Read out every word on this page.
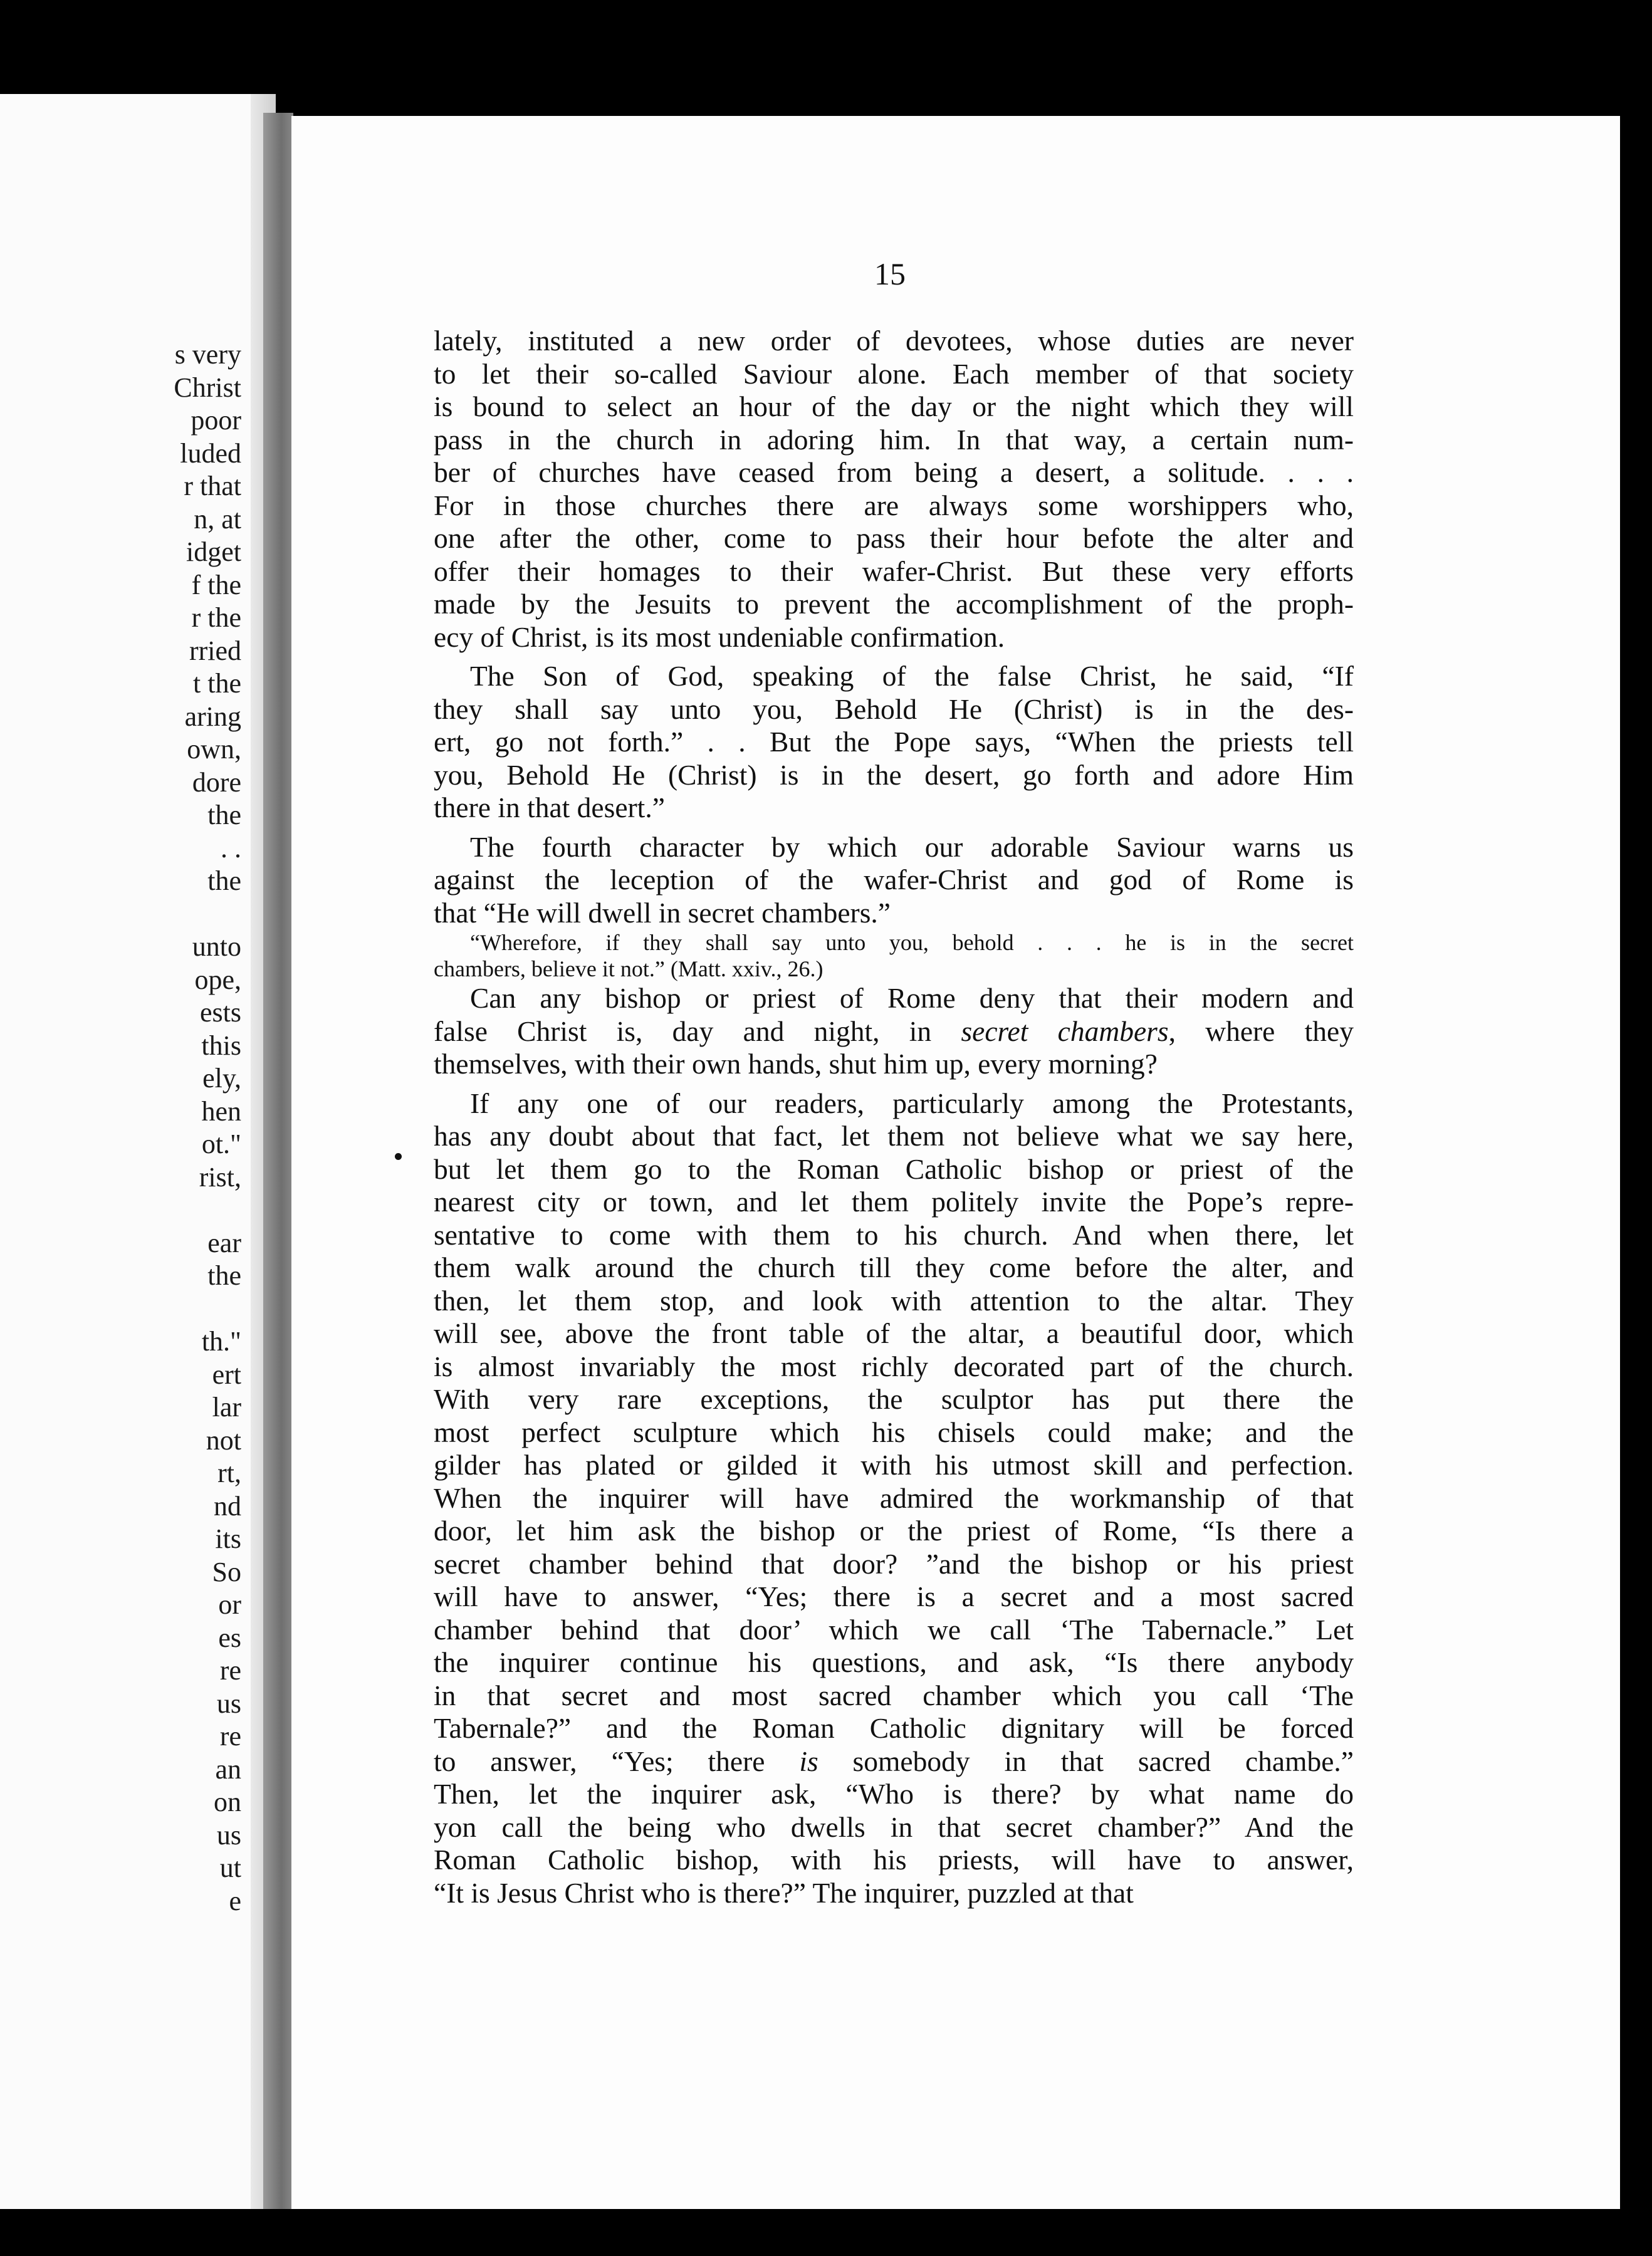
s very
Christ
poor
luded
r that
n, at
idget
f the
r the
rried
t the
aring
own,
dore
the
. .
the
unto
ope,
ests
this
ely,
hen
ot."
rist,
ear
the
th."
ert
lar
not
rt,
nd
its
So
or
es
re
us
re
an
on
us
ut
e
15
lately, instituted a new order of devotees, whose duties are never
to let their so-called Saviour alone. Each member of that society
is bound to select an hour of the day or the night which they will
pass in the church in adoring him. In that way, a certain num-
ber of churches have ceased from being a desert, a solitude. . . .
For in those churches there are always some worshippers who,
one after the other, come to pass their hour befote the alter and
offer their homages to their wafer-Christ. But these very efforts
made by the Jesuits to prevent the accomplishment of the proph-
ecy of Christ, is its most undeniable confirmation.
The Son of God, speaking of the false Christ, he said, “If
they shall say unto you, Behold He (Christ) is in the des-
ert, go not forth.” . . But the Pope says, “When the priests tell
you, Behold He (Christ) is in the desert, go forth and adore Him
there in that desert.”
The fourth character by which our adorable Saviour warns us
against the leception of the wafer-Christ and god of Rome is
that “He will dwell in secret chambers.”
“Wherefore, if they shall say unto you, behold . . . he is in the secret
chambers, believe it not.” (Matt. xxiv., 26.)
Can any bishop or priest of Rome deny that their modern and
false Christ is, day and night, in secret chambers, where they
themselves, with their own hands, shut him up, every morning?
If any one of our readers, particularly among the Protestants,
has any doubt about that fact, let them not believe what we say here,
but let them go to the Roman Catholic bishop or priest of the
nearest city or town, and let them politely invite the Pope’s repre-
sentative to come with them to his church. And when there, let
them walk around the church till they come before the alter, and
then, let them stop, and look with attention to the altar. They
will see, above the front table of the altar, a beautiful door, which
is almost invariably the most richly decorated part of the church.
With very rare exceptions, the sculptor has put there the
most perfect sculpture which his chisels could make; and the
gilder has plated or gilded it with his utmost skill and perfection.
When the inquirer will have admired the workmanship of that
door, let him ask the bishop or the priest of Rome, “Is there a
secret chamber behind that door? ”and the bishop or his priest
will have to answer, “Yes; there is a secret and a most sacred
chamber behind that door’ which we call ‘The Tabernacle.” Let
the inquirer continue his questions, and ask, “Is there anybody
in that secret and most sacred chamber which you call ‘The
Tabernale?” and the Roman Catholic dignitary will be forced
to answer, “Yes; there is somebody in that sacred chambe.”
Then, let the inquirer ask, “Who is there? by what name do
yon call the being who dwells in that secret chamber?” And the
Roman Catholic bishop, with his priests, will have to answer,
“It is Jesus Christ who is there?” The inquirer, puzzled at that
